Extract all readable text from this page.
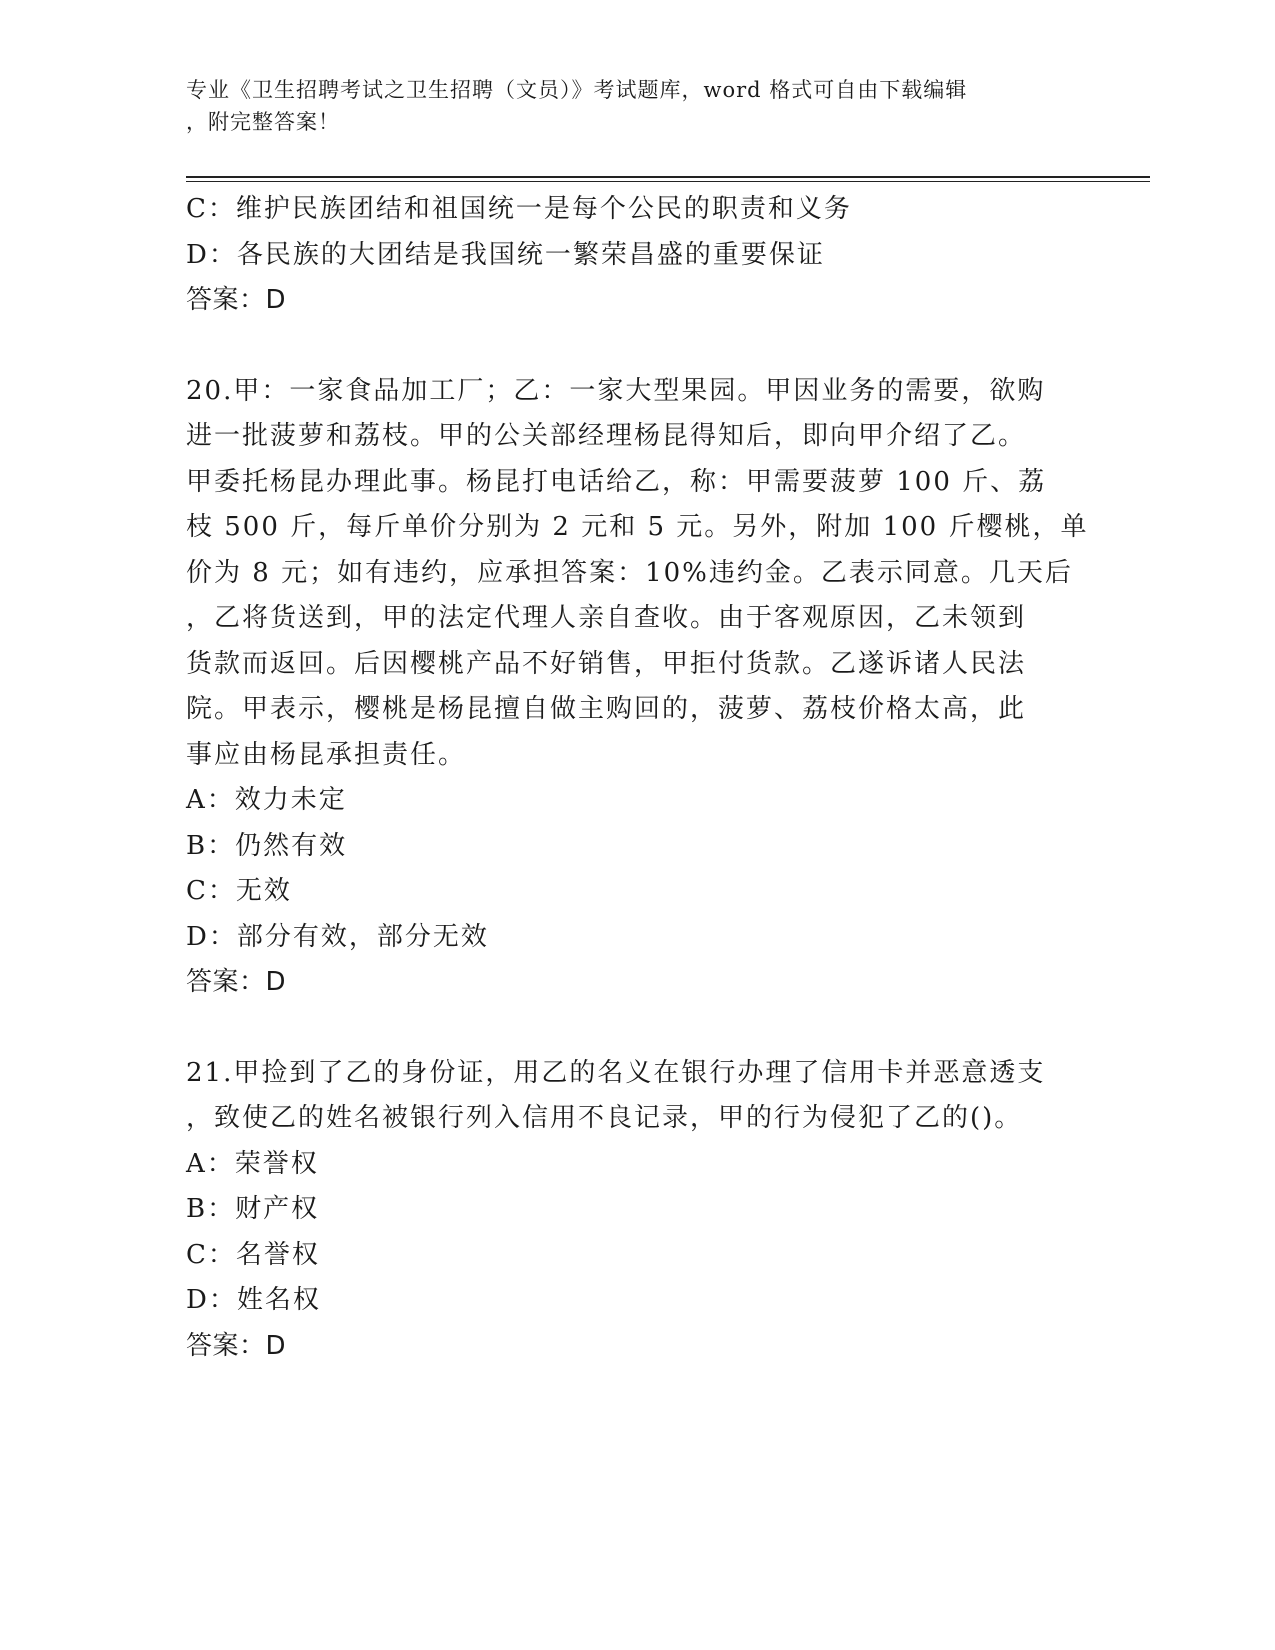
专业《卫生招聘考试之卫生招聘（文员）》考试题库，word 格式可自由下载编辑
，附完整答案！
C：维护民族团结和祖国统一是每个公民的职责和义务
D：各民族的大团结是我国统一繁荣昌盛的重要保证
答案：D
20.甲：一家食品加工厂；乙：一家大型果园。甲因业务的需要，欲购
进一批菠萝和荔枝。甲的公关部经理杨昆得知后，即向甲介绍了乙。
甲委托杨昆办理此事。杨昆打电话给乙，称：甲需要菠萝 100 斤、荔
枝 500 斤，每斤单价分别为 2 元和 5 元。另外，附加 100 斤樱桃，单
价为 8 元；如有违约，应承担答案：10%违约金。乙表示同意。几天后
，乙将货送到，甲的法定代理人亲自查收。由于客观原因，乙未领到
货款而返回。后因樱桃产品不好销售，甲拒付货款。乙遂诉诸人民法
院。甲表示，樱桃是杨昆擅自做主购回的，菠萝、荔枝价格太高，此
事应由杨昆承担责任。
A：效力未定
B：仍然有效
C：无效
D：部分有效，部分无效
答案：D
21.甲捡到了乙的身份证，用乙的名义在银行办理了信用卡并恶意透支
，致使乙的姓名被银行列入信用不良记录，甲的行为侵犯了乙的()。
A：荣誉权
B：财产权
C：名誉权
D：姓名权
答案：D
